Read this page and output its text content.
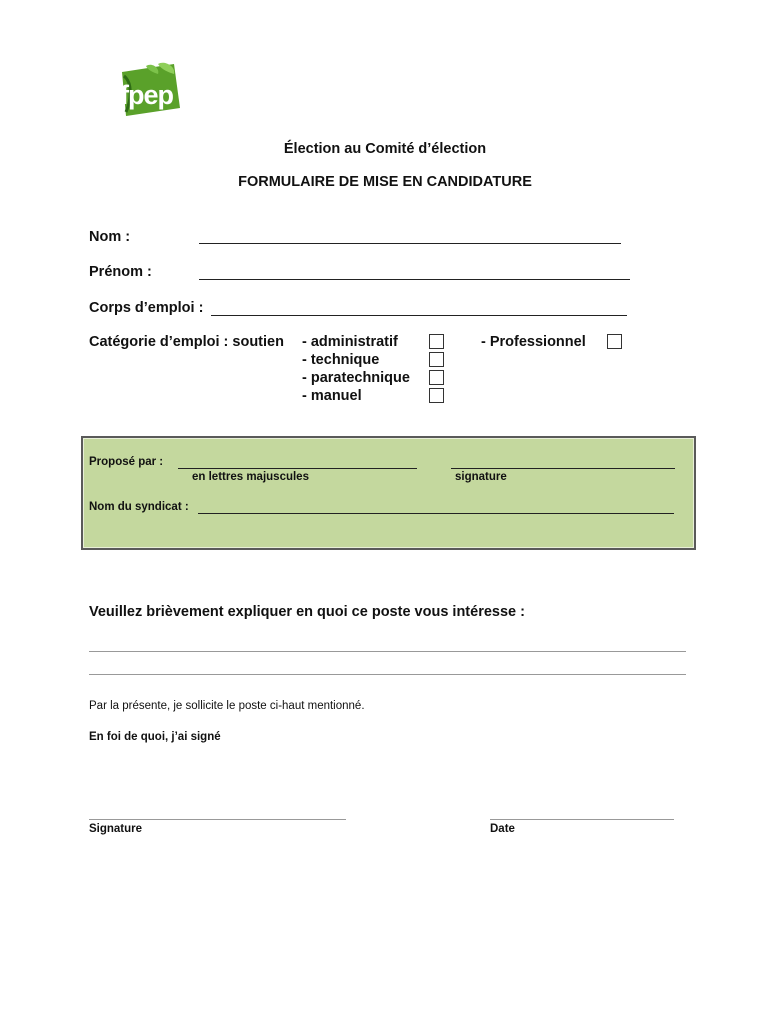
fpep
Élection au Comité d’élection
FORMULAIRE DE MISE EN CANDIDATURE
Nom :
Prénom :
Corps d’emploi :
Catégorie d’emploi : soutien - administratif
- technique
- paratechnique
- manuel
- Professionnel
Proposé par :
en lettres majuscules	signature
Nom du syndicat :
Veuillez brièvement expliquer en quoi ce poste vous intéresse :
Par la présente, je sollicite le poste ci-haut mentionné.
En foi de quoi, j’ai signé
Signature	Date
